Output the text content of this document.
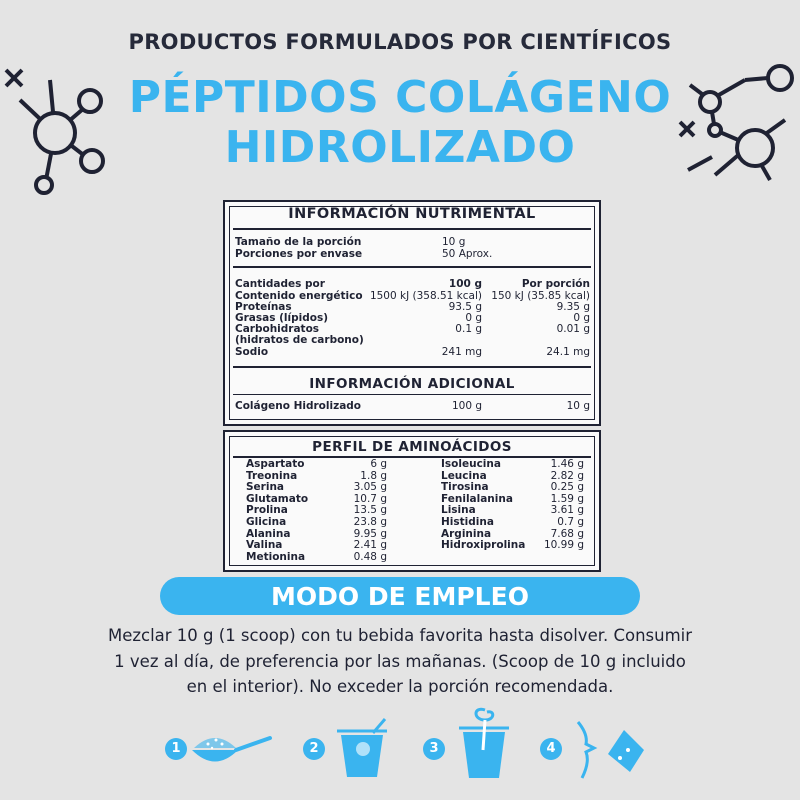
PRODUCTOS FORMULADOS POR CIENTÍFICOS
PÉPTIDOS COLÁGENO
HIDROLIZADO
INFORMACIÓN NUTRIMENTAL
Tamaño de la porción	10 g
Porciones por envase	50 Aprox.
Cantidades por	100 g	Por porción
Contenido energético 1500 kJ (358.51 kcal) 150 kJ (35.85 kcal)
Proteínas	93.5 g	9.35 g
Grasas (lípidos)	0 g	0 g
Carbohidratos	0.1 g	0.01 g
(hidratos de carbono)
Sodio	241 mg	24.1 mg
INFORMACIÓN ADICIONAL
Colágeno Hidrolizado	100 g	10 g
PERFIL DE AMINOÁCIDOS
Aspartato	6 g
Treonina	1.8 g
Serina	3.05 g
Glutamato	10.7 g
Prolina	13.5 g
Glicina	23.8 g
Alanina	9.95 g
Valina	2.41 g
Metionina	0.48 g
Isoleucina	1.46 g
Leucina	2.82 g
Tirosina	0.25 g
Fenilalanina	1.59 g
Lisina	3.61 g
Histidina	0.7 g
Arginina	7.68 g
Hidroxiprolina	10.99 g
MODO DE EMPLEO
Mezclar 10 g (1 scoop) con tu bebida favorita hasta disolver. Consumir
1 vez al día, de preferencia por las mañanas. (Scoop de 10 g incluido
en el interior). No exceder la porción recomendada.
1	2	3	4
